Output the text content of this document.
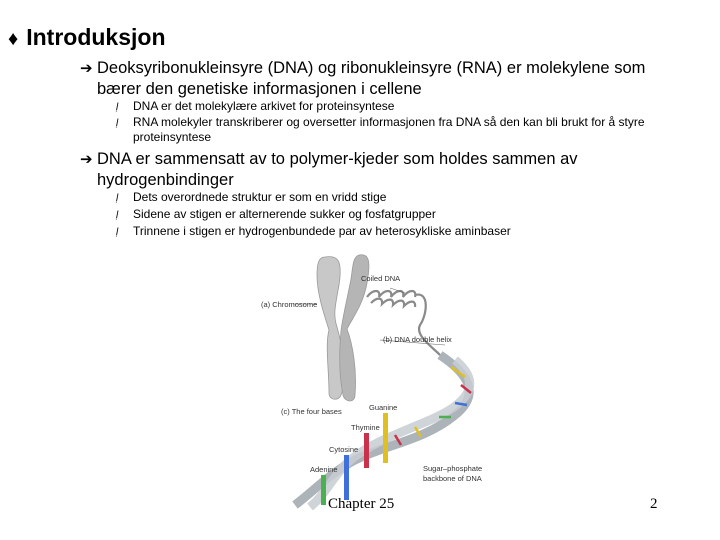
♦ Introduksjon
➔ Deoksyribonukleinsyre (DNA) og ribonukleinsyre (RNA) er molekylene som
bærer den genetiske informasjonen i cellene
ḷ	DNA er det molekylære arkivet for proteinsyntese
ḷ	RNA molekyler transkriberer og oversetter informasjonen fra DNA så den kan bli brukt for å styre proteinsyntese
➔ DNA er sammensatt av to polymer-kjeder som holdes sammen av
hydrogenbindinger
ḷ	Dets overordnede struktur er som en vridd stige
ḷ	Sidene av stigen er alternerende sukker og fosfatgrupper
ḷ	Trinnene i stigen er hydrogenbundede par av heterosykliske aminbaser
(a) Chromosome
Coiled DNA
(b) DNA double helix
(c) The four bases	Guanine
Thymine
Cytosine
Adenine	Sugar–phosphate
backbone of DNA
Chapter 25	2
